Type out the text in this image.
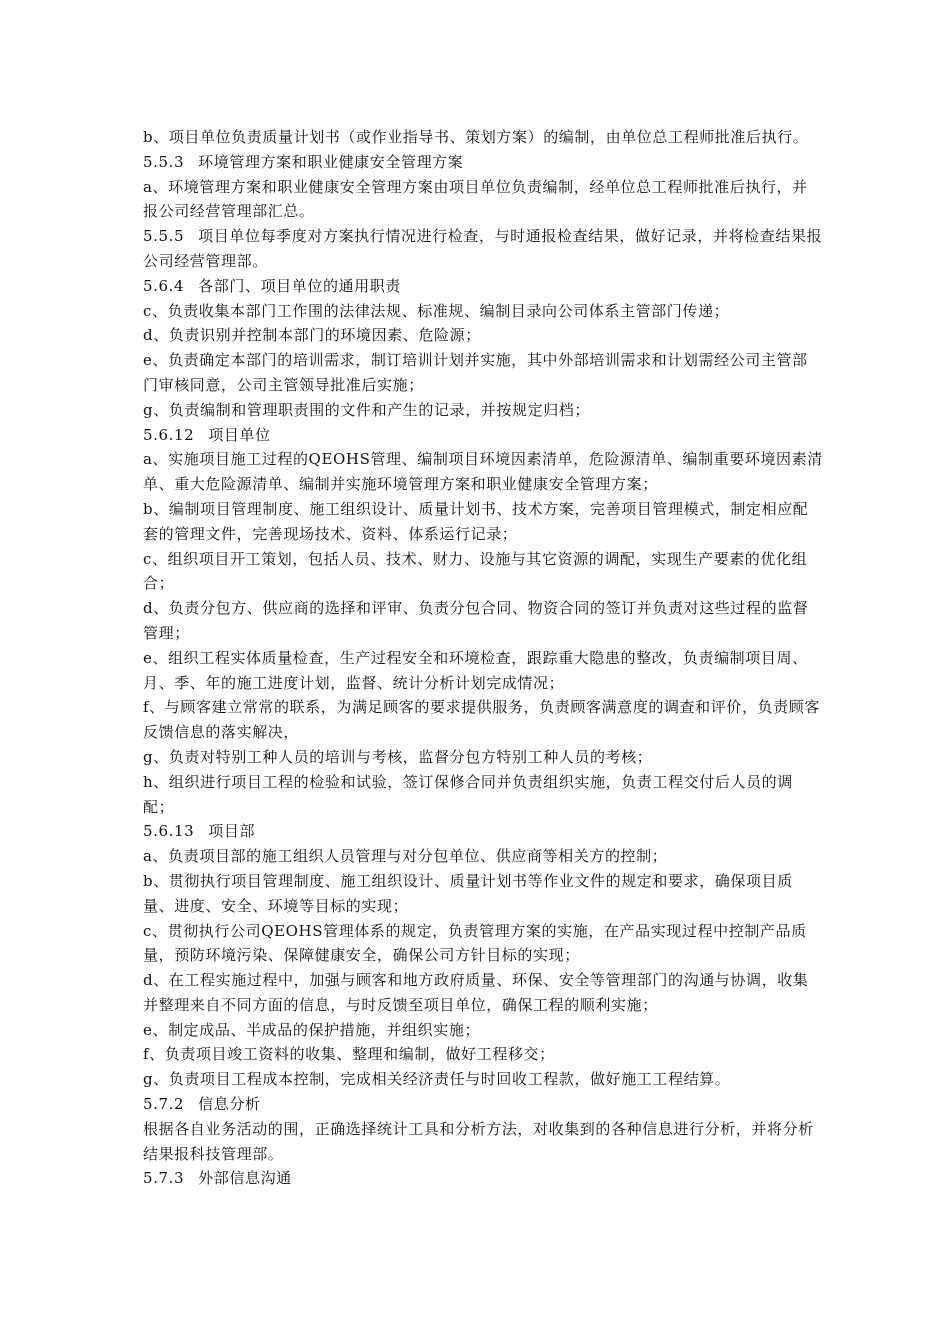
b、项目单位负责质量计划书（或作业指导书、策划方案）的编制，由单位总工程师批准后执行。

5.5.3 环境管理方案和职业健康安全管理方案

a、环境管理方案和职业健康安全管理方案由项目单位负责编制，经单位总工程师批准后执行，并报公司经营管理部汇总。

5.5.5 项目单位每季度对方案执行情况进行检查，与时通报检查结果，做好记录，并将检查结果报公司经营管理部。

5.6.4 各部门、项目单位的通用职责

c、负责收集本部门工作围的法律法规、标准规、编制目录向公司体系主管部门传递；

d、负责识别并控制本部门的环境因素、危险源；

e、负责确定本部门的培训需求，制订培训计划并实施，其中外部培训需求和计划需经公司主管部门审核同意，公司主管领导批准后实施；

g、负责编制和管理职责围的文件和产生的记录，并按规定归档；

5.6.12 项目单位

a、实施项目施工过程的QEOHS管理、编制项目环境因素清单，危险源清单、编制重要环境因素清单、重大危险源清单、编制并实施环境管理方案和职业健康安全管理方案；

b、编制项目管理制度、施工组织设计、质量计划书、技术方案，完善项目管理模式，制定相应配套的管理文件，完善现场技术、资料、体系运行记录；

c、组织项目开工策划，包括人员、技术、财力、设施与其它资源的调配，实现生产要素的优化组合；

d、负责分包方、供应商的选择和评审、负责分包合同、物资合同的签订并负责对这些过程的监督管理；

e、组织工程实体质量检查，生产过程安全和环境检查，跟踪重大隐患的整改，负责编制项目周、月、季、年的施工进度计划，监督、统计分析计划完成情况；

f、与顾客建立常常的联系，为满足顾客的要求提供服务，负责顾客满意度的调查和评价，负责顾客反馈信息的落实解决，

g、负责对特别工种人员的培训与考核，监督分包方特别工种人员的考核；

h、组织进行项目工程的检验和试验，签订保修合同并负责组织实施，负责工程交付后人员的调配；

5.6.13 项目部

a、负责项目部的施工组织人员管理与对分包单位、供应商等相关方的控制；

b、贯彻执行项目管理制度、施工组织设计、质量计划书等作业文件的规定和要求，确保项目质量、进度、安全、环境等目标的实现；

c、贯彻执行公司QEOHS管理体系的规定，负责管理方案的实施，在产品实现过程中控制产品质量，预防环境污染、保障健康安全，确保公司方针目标的实现；

d、在工程实施过程中，加强与顾客和地方政府质量、环保、安全等管理部门的沟通与协调，收集并整理来自不同方面的信息，与时反馈至项目单位，确保工程的顺利实施；

e、制定成品、半成品的保护措施，并组织实施；

f、负责项目竣工资料的收集、整理和编制，做好工程移交；

g、负责项目工程成本控制，完成相关经济责任与时回收工程款，做好施工工程结算。

5.7.2 信息分析

根据各自业务活动的围，正确选择统计工具和分析方法，对收集到的各种信息进行分析，并将分析结果报科技管理部。

5.7.3 外部信息沟通
